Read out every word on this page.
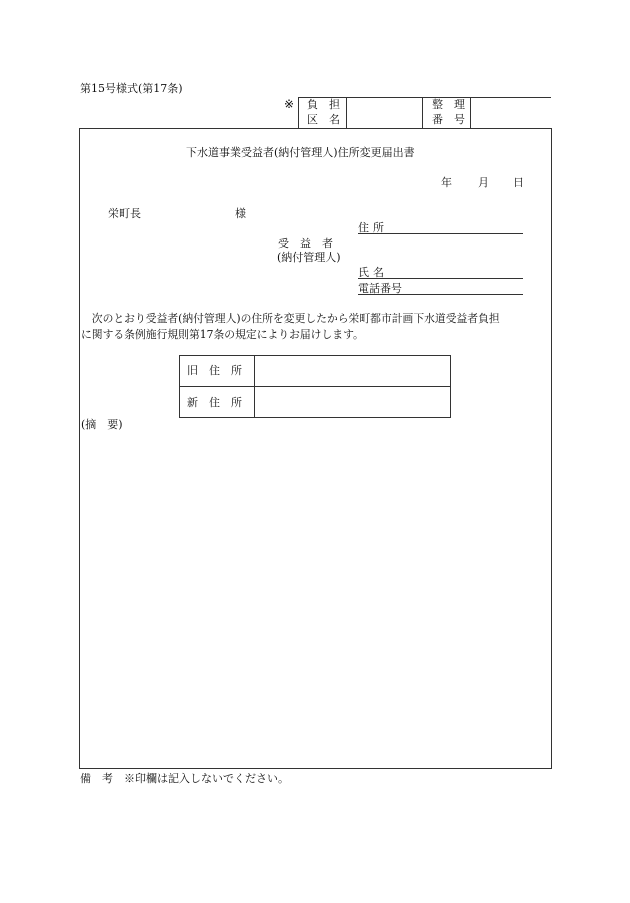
第15号様式(第17条)
※ 負　担
区　名
整　理
番　号
下水道事業受益者(納付管理人)住所変更届出書
年 月 日
栄町長	様
受　益　者
(納付管理人)
住所
氏名
電話番号
　次のとおり受益者(納付管理人)の住所を変更したから栄町都市計画下水道受益者負担
に関する条例施行規則第17条の規定によりお届けします。
旧　住　所
新　住　所
(摘　要)
備　考　※印欄は記入しないでください。
